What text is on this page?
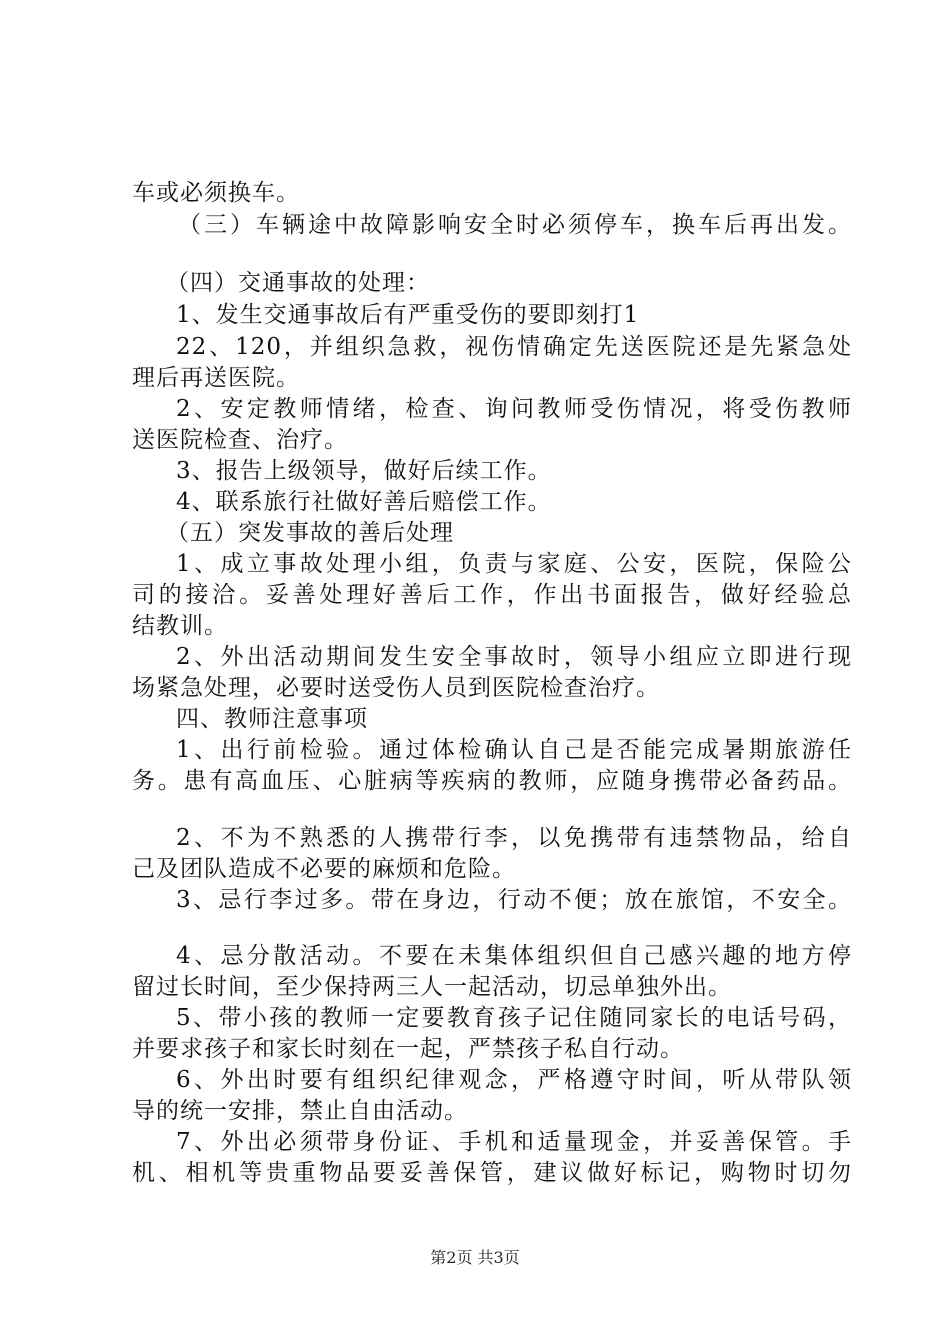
车或必须换车。
（三）车辆途中故障影响安全时必须停车，换车后再出发。
（四）交通事故的处理：
1、发生交通事故后有严重受伤的要即刻打1
22、120，并组织急救，视伤情确定先送医院还是先紧急处
理后再送医院。
2、安定教师情绪，检查、询问教师受伤情况，将受伤教师
送医院检查、治疗。
3、报告上级领导，做好后续工作。
4、联系旅行社做好善后赔偿工作。
（五）突发事故的善后处理
1、成立事故处理小组，负责与家庭、公安，医院，保险公
司的接洽。妥善处理好善后工作，作出书面报告，做好经验总
结教训。
2、外出活动期间发生安全事故时，领导小组应立即进行现
场紧急处理，必要时送受伤人员到医院检查治疗。
四、教师注意事项
1、出行前检验。通过体检确认自己是否能完成暑期旅游任
务。患有高血压、心脏病等疾病的教师，应随身携带必备药品。
2、不为不熟悉的人携带行李，以免携带有违禁物品，给自
己及团队造成不必要的麻烦和危险。
3、忌行李过多。带在身边，行动不便；放在旅馆，不安全。
4、忌分散活动。不要在未集体组织但自己感兴趣的地方停
留过长时间，至少保持两三人一起活动，切忌单独外出。
5、带小孩的教师一定要教育孩子记住随同家长的电话号码，
并要求孩子和家长时刻在一起，严禁孩子私自行动。
6、外出时要有组织纪律观念，严格遵守时间，听从带队领
导的统一安排，禁止自由活动。
7、外出必须带身份证、手机和适量现金，并妥善保管。手
机、相机等贵重物品要妥善保管，建议做好标记，购物时切勿
第2页 共3页
